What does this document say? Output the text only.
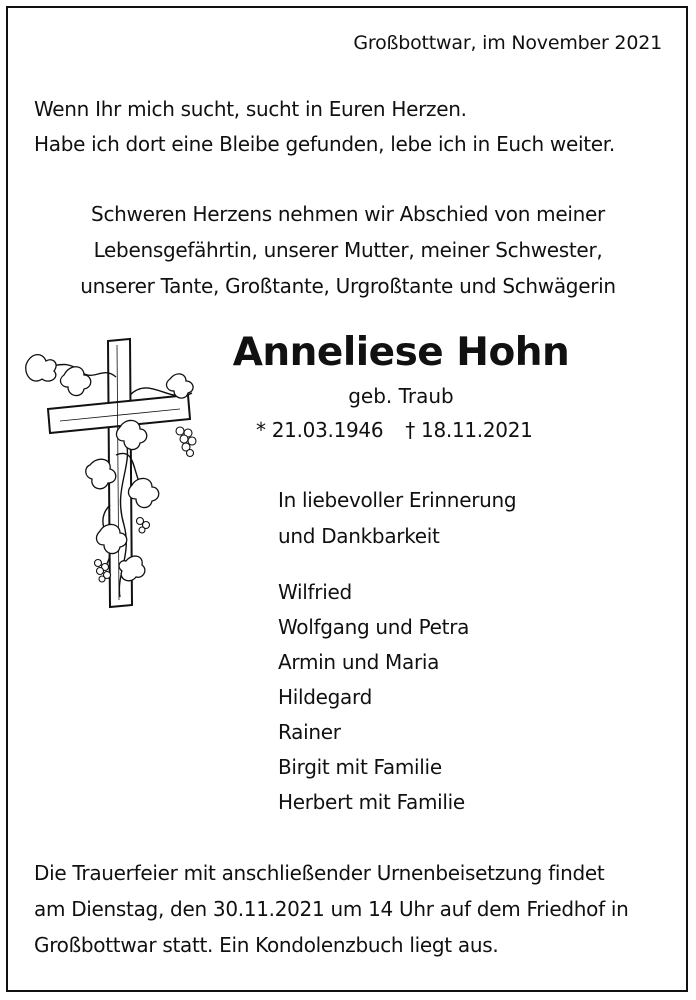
Großbottwar, im November 2021
Wenn Ihr mich sucht, sucht in Euren Herzen.
Habe ich dort eine Bleibe gefunden, lebe ich in Euch weiter.
Schweren Herzens nehmen wir Abschied von meiner
Lebensgefährtin, unserer Mutter, meiner Schwester,
unserer Tante, Großtante, Urgroßtante und Schwägerin
Anneliese Hohn
geb. Traub
* 21.03.1946 † 18.11.2021
In liebevoller Erinnerung
und Dankbarkeit
Wilfried
Wolfgang und Petra
Armin und Maria
Hildegard
Rainer
Birgit mit Familie
Herbert mit Familie
Die Trauerfeier mit anschließender Urnenbeisetzung findet
am Dienstag, den 30.11.2021 um 14 Uhr auf dem Friedhof in
Großbottwar statt. Ein Kondolenzbuch liegt aus.
